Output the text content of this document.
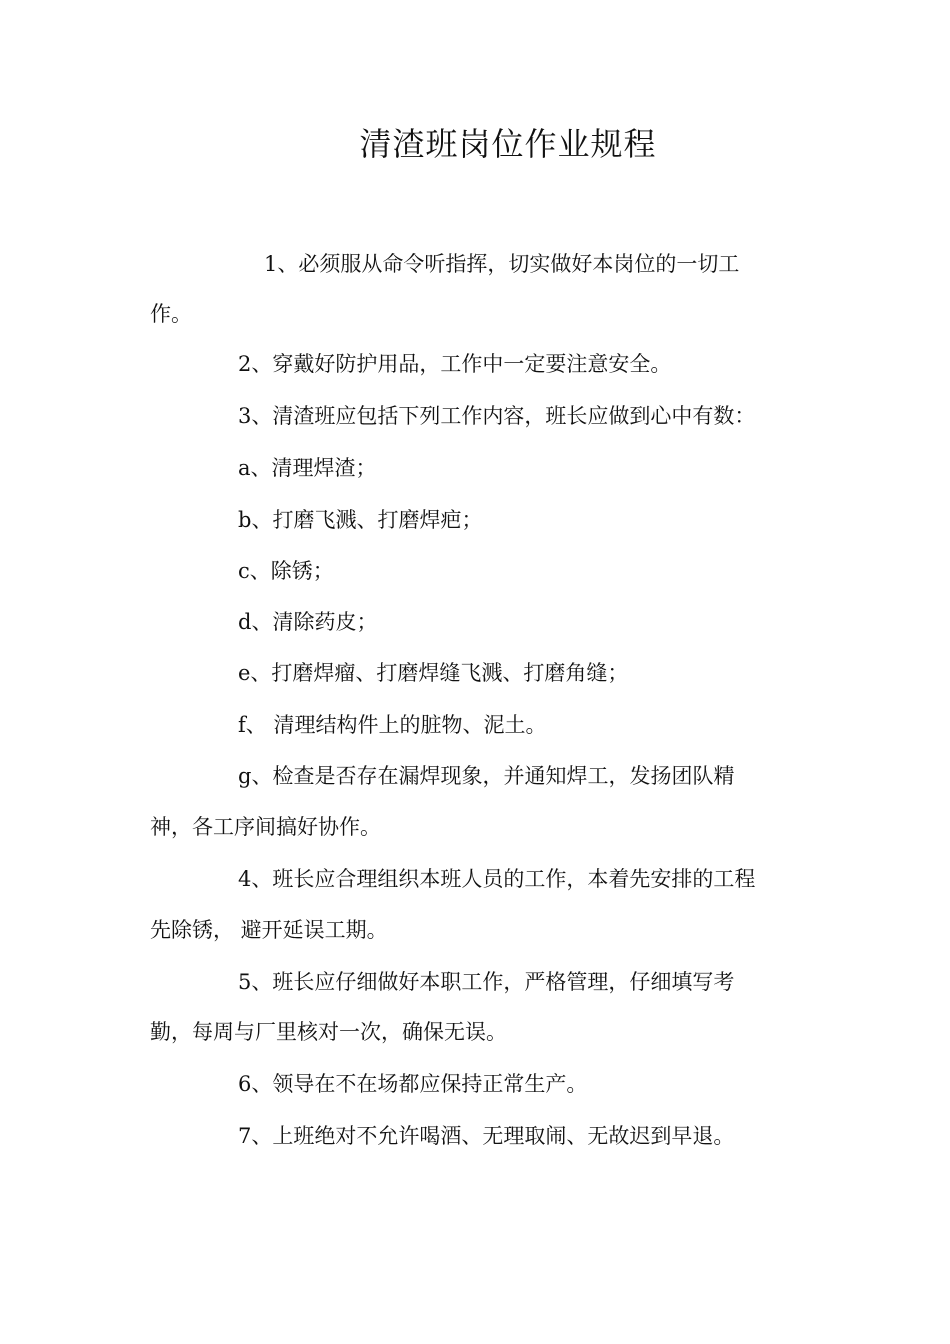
清渣班岗位作业规程
1、必须服从命令听指挥，切实做好本岗位的一切工
作。
2、穿戴好防护用品，工作中一定要注意安全。
3、清渣班应包括下列工作内容，班长应做到心中有数：
a、清理焊渣；
b、打磨飞溅、打磨焊疤；
c、除锈；
d、清除药皮；
e、打磨焊瘤、打磨焊缝飞溅、打磨角缝；
f、 清理结构件上的脏物、泥土。
g、检查是否存在漏焊现象，并通知焊工，发扬团队精
神，各工序间搞好协作。
4、班长应合理组织本班人员的工作，本着先安排的工程
先除锈， 避开延误工期。
5、班长应仔细做好本职工作，严格管理，仔细填写考
勤，每周与厂里核对一次，确保无误。
6、领导在不在场都应保持正常生产。
7、上班绝对不允许喝酒、无理取闹、无故迟到早退。
